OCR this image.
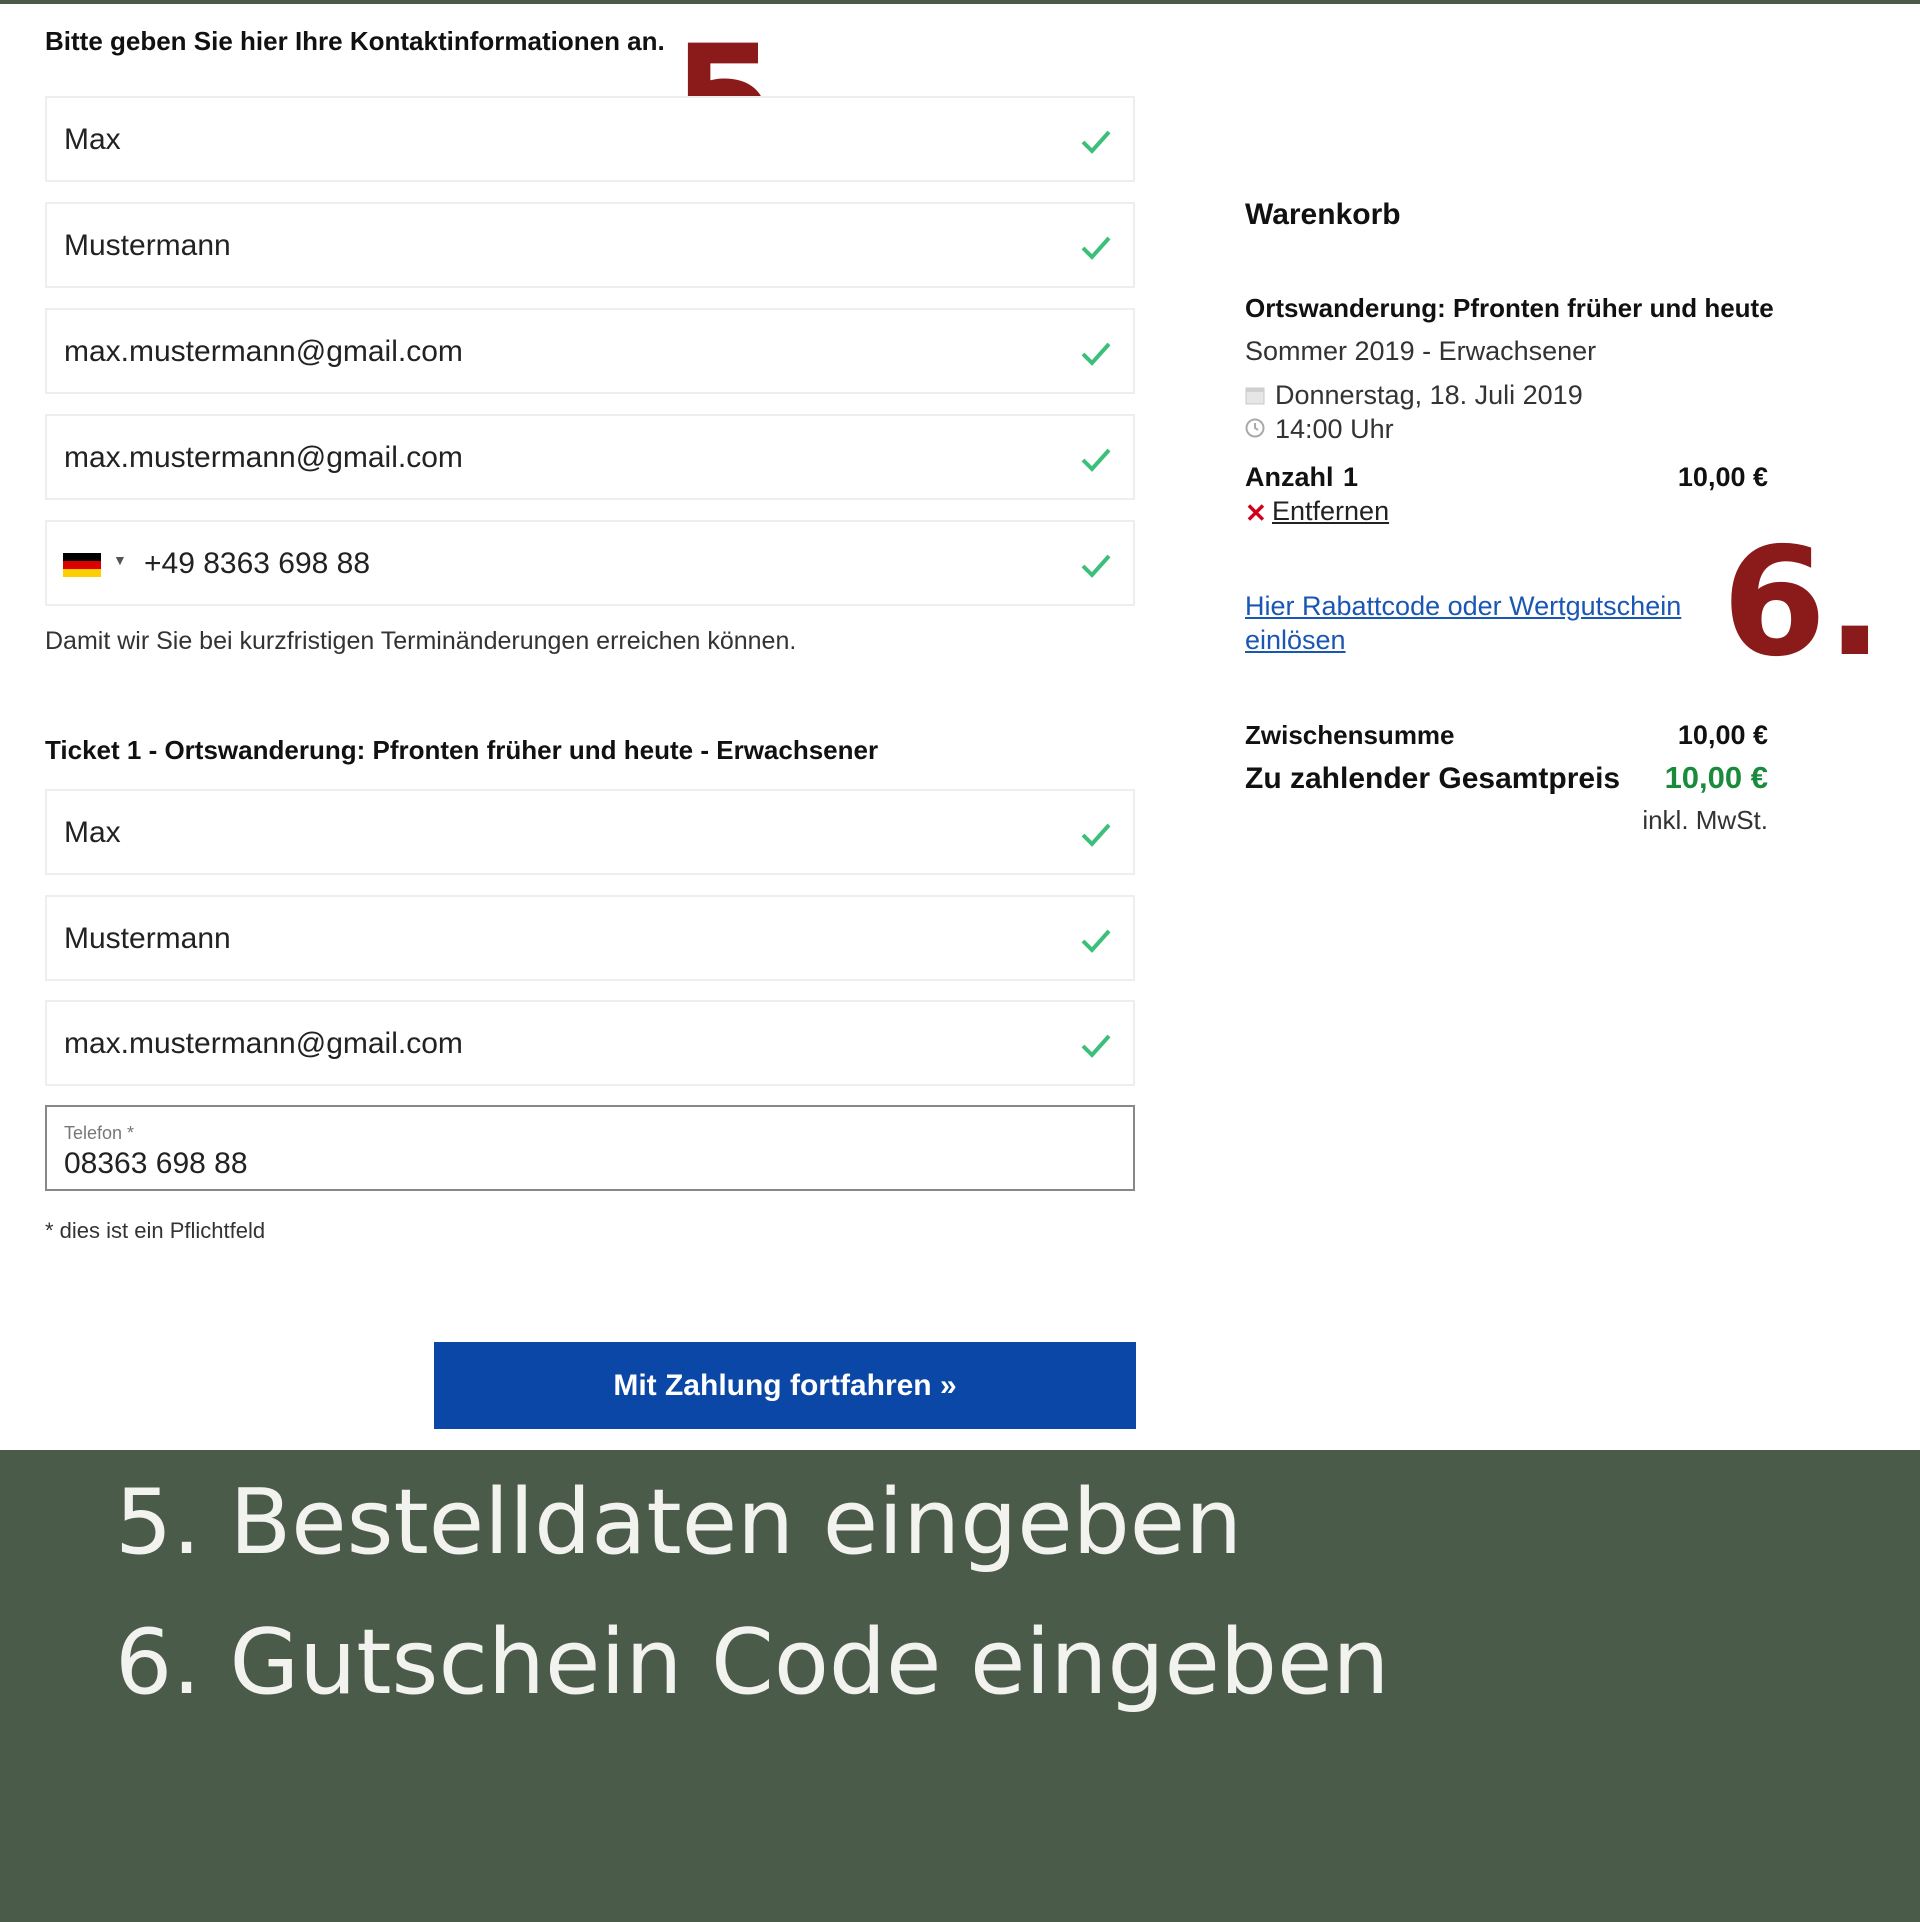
Bitte geben Sie hier Ihre Kontaktinformationen an.
Max
Mustermann
max.mustermann@gmail.com
max.mustermann@gmail.com
▼ +49 8363 698 88
Damit wir Sie bei kurzfristigen Terminänderungen erreichen können.
Ticket 1 - Ortswanderung: Pfronten früher und heute - Erwachsener
Max
Mustermann
max.mustermann@gmail.com
Telefon *
08363 698 88
* dies ist ein Pflichtfeld
Mit Zahlung fortfahren »
Warenkorb
Ortswanderung: Pfronten früher und heute
Sommer 2019 - Erwachsener
Donnerstag, 18. Juli 2019
14:00 Uhr
Anzahl 1	10,00 €
✕ Entfernen
6.
Hier Rabattcode oder Wertgutschein einlösen
Zwischensumme	10,00 €
Zu zahlender Gesamtpreis 10,00 €
inkl. MwSt.
5. Bestelldaten eingeben
6. Gutschein Code eingeben
